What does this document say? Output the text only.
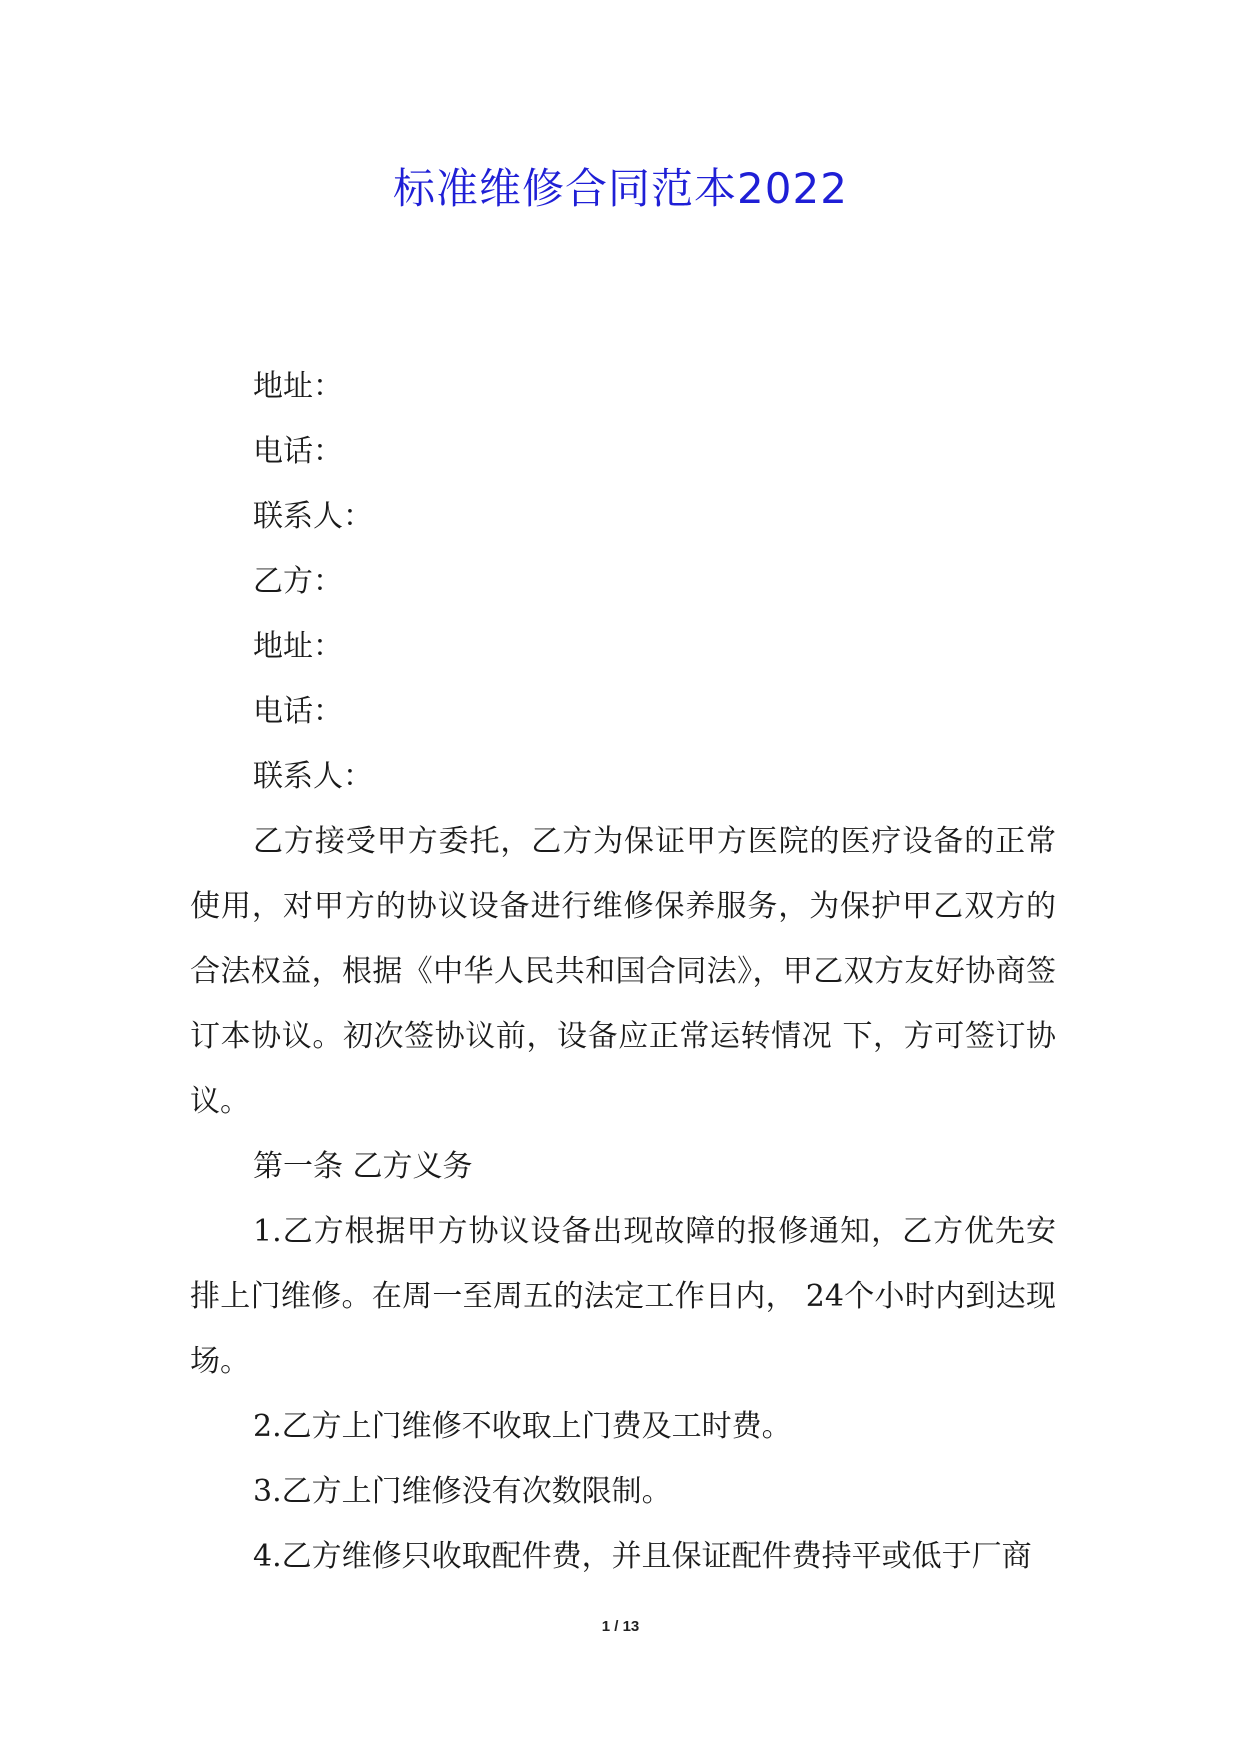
标准维修合同范本2022

地址：

电话：

联系人：

乙方：

地址：

电话：

联系人：

乙方接受甲方委托，乙方为保证甲方医院的医疗设备的正常使用，对甲方的协议设备进行维修保养服务，为保护甲乙双方的合法权益，根据《中华人民共和国合同法》，甲乙双方友好协商签订本协议。初次签协议前，设备应正常运转情况 下，方可签订协议。

第一条 乙方义务

1.乙方根据甲方协议设备出现故障的报修通知，乙方优先安排上门维修。在周一至周五的法定工作日内， 24个小时内到达现场。

2.乙方上门维修不收取上门费及工时费。

3.乙方上门维修没有次数限制。

4.乙方维修只收取配件费，并且保证配件费持平或低于厂商

1 / 13
